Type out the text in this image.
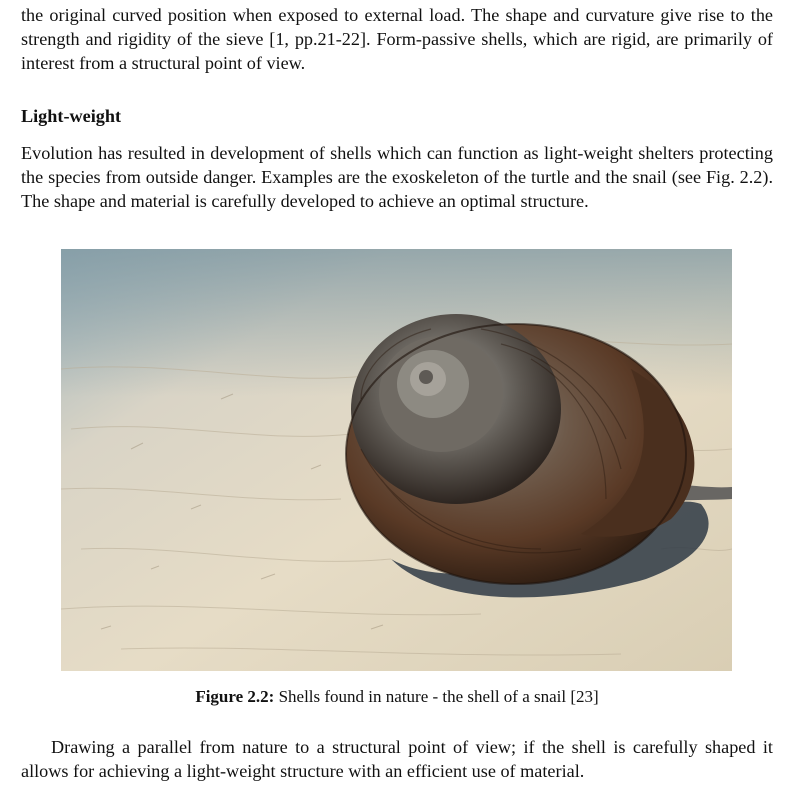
the original curved position when exposed to external load. The shape and curvature give rise to the strength and rigidity of the sieve [1, pp.21-22]. Form-passive shells, which are rigid, are primarily of interest from a structural point of view.

Light-weight

Evolution has resulted in development of shells which can function as light-weight shelters protecting the species from outside danger. Examples are the exoskeleton of the turtle and the snail (see Fig. 2.2). The shape and material is carefully developed to achieve an optimal structure.

Figure 2.2: Shells found in nature - the shell of a snail [23]

Drawing a parallel from nature to a structural point of view; if the shell is carefully shaped it allows for achieving a light-weight structure with an efficient use of material.
